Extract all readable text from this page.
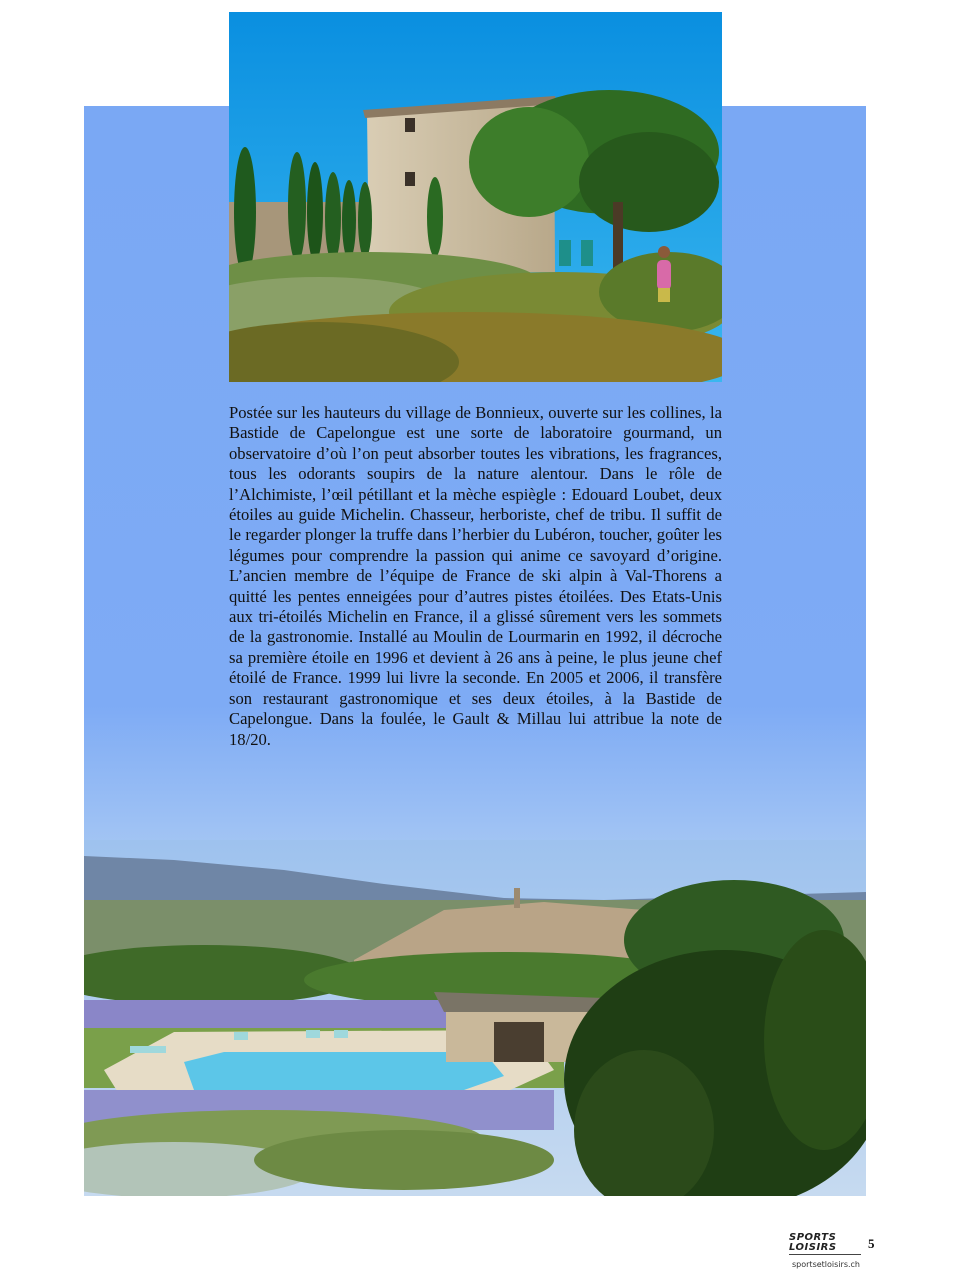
Postée sur les hauteurs du village de Bonnieux, ouverte sur les collines, la Bastide de Capelongue est une sorte de laboratoire gourmand, un observatoire d’où l’on peut absorber toutes les vibrations, les fragrances, tous les odorants soupirs de la nature alentour. Dans le rôle de l’Alchimiste, l’œil pétillant et la mèche espiègle : Edouard Loubet, deux étoiles au guide Michelin. Chasseur, herboriste, chef de tribu. Il suffit de le regarder plonger la truffe dans l’herbier du Lubéron, toucher, goûter les légumes pour comprendre la passion qui anime ce savoyard d’origine. L’ancien membre de l’équipe de France de ski alpin à Val-Thorens a quitté les pentes enneigées pour d’autres pistes étoilées. Des Etats-Unis aux tri-étoilés Michelin en France, il a glissé sûrement vers les sommets de la gastronomie. Installé au Moulin de Lourmarin en 1992, il décroche sa première étoile en 1996 et devient à 26 ans à peine, le plus jeune chef étoilé de France. 1999 lui livre la seconde. En 2005 et 2006, il transfère son restaurant gastronomique et ses deux étoiles, à la Bastide de Capelongue. Dans la foulée, le Gault & Millau lui attribue la note de 18/20.

SPORTS
LOISIRS
sportsetloisirs.ch
5
